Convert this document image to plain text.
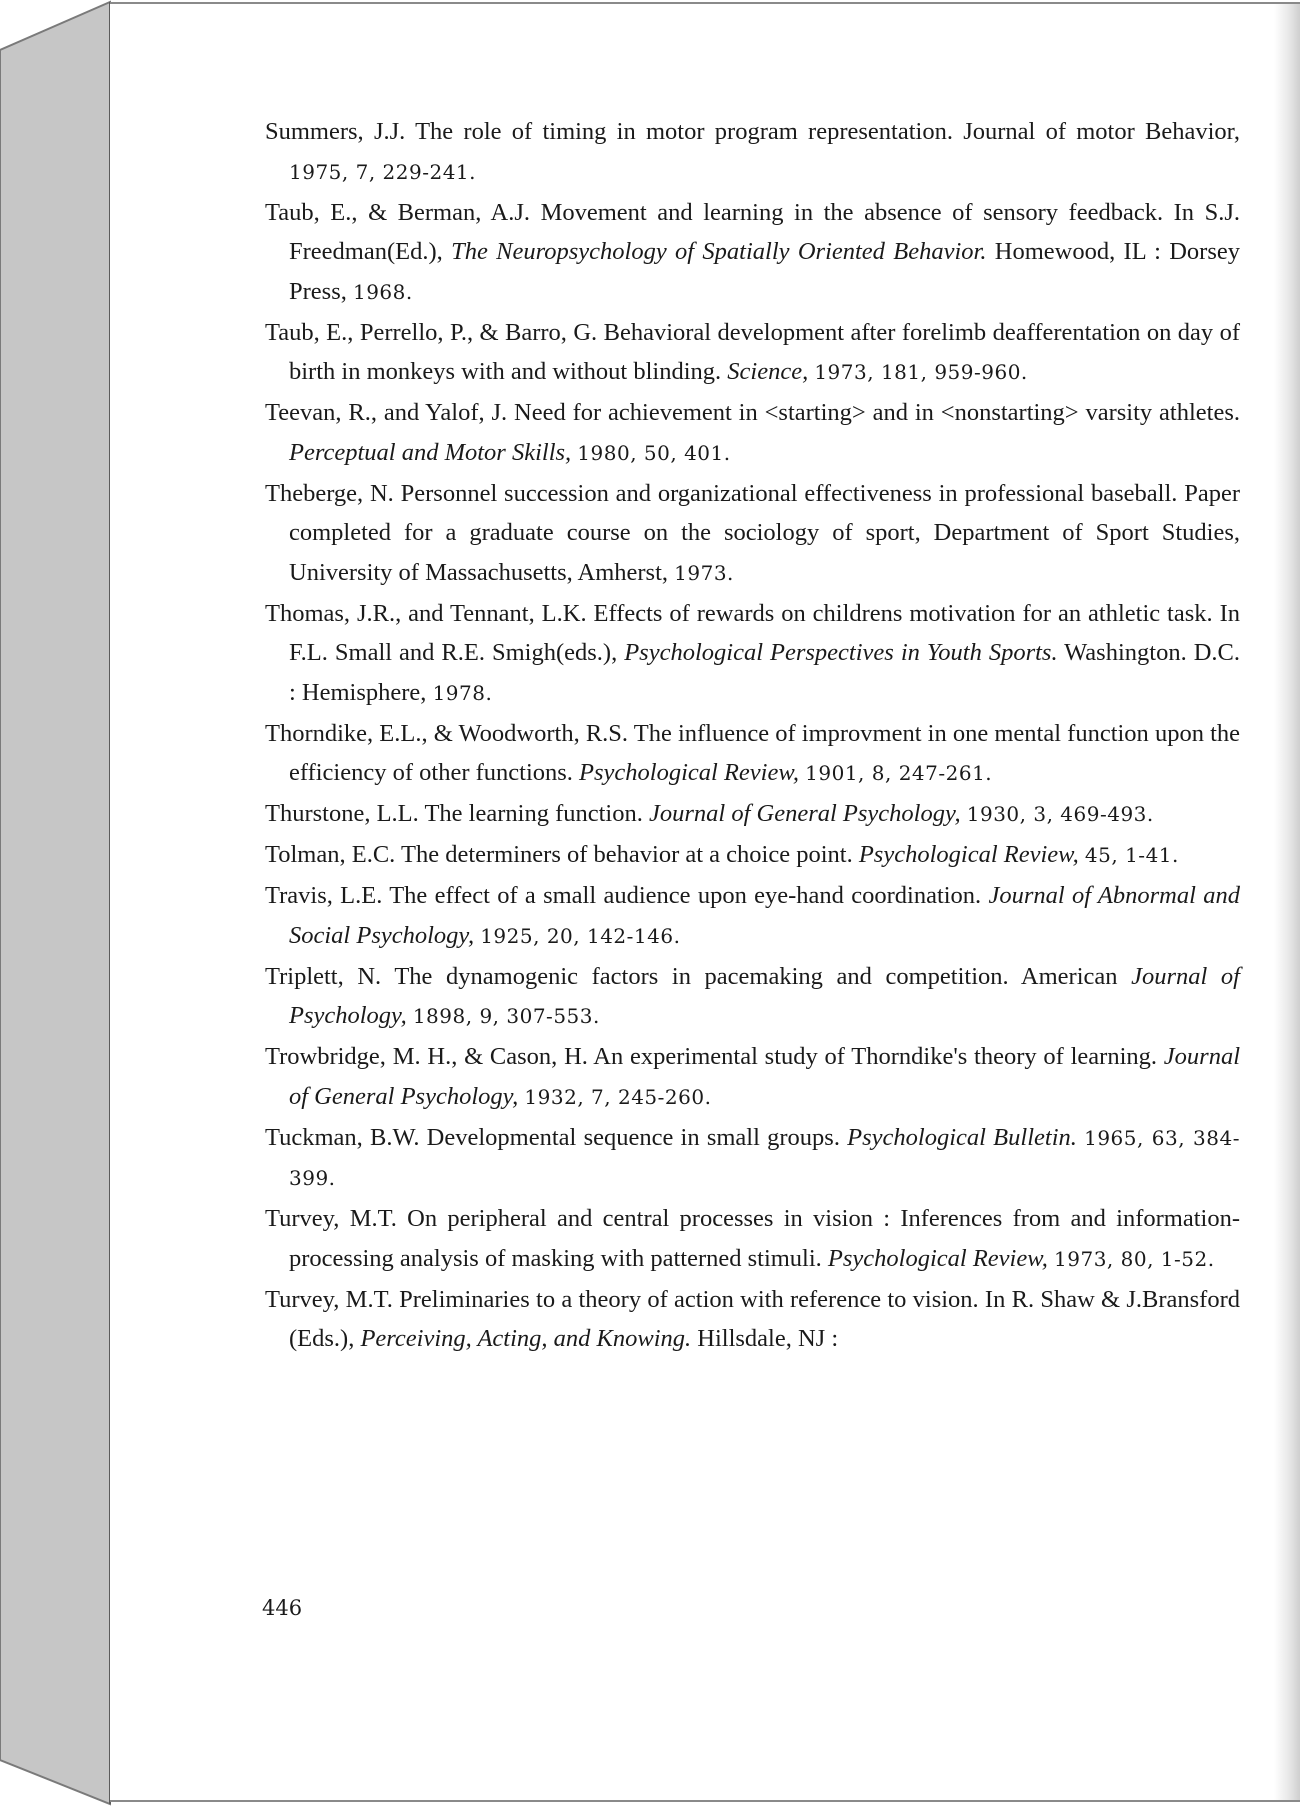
Summers, J.J. The role of timing in motor program representation. Journal of motor Behavior, 1975, 7, 229-241.
Taub, E., & Berman, A.J. Movement and learning in the absence of sensory feedback. In S.J. Freedman(Ed.), The Neuropsychology of Spatially Oriented Behavior. Homewood, IL : Dorsey Press, 1968.
Taub, E., Perrello, P., & Barro, G. Behavioral development after forelimb deafferentation on day of birth in monkeys with and without blinding. Science, 1973, 181, 959-960.
Teevan, R., and Yalof, J. Need for achievement in <starting> and in <nonstarting> varsity athletes. Perceptual and Motor Skills, 1980, 50, 401.
Theberge, N. Personnel succession and organizational effectiveness in professional baseball. Paper completed for a graduate course on the sociology of sport, Department of Sport Studies, University of Massachusetts, Amherst, 1973.
Thomas, J.R., and Tennant, L.K. Effects of rewards on childrens motivation for an athletic task. In F.L. Small and R.E. Smigh(eds.), Psychological Perspectives in Youth Sports. Washington. D.C. : Hemisphere, 1978.
Thorndike, E.L., & Woodworth, R.S. The influence of improvment in one mental function upon the efficiency of other functions. Psychological Review, 1901, 8, 247-261.
Thurstone, L.L. The learning function. Journal of General Psychology, 1930, 3, 469-493.
Tolman, E.C. The determiners of behavior at a choice point. Psychological Review, 45, 1-41.
Travis, L.E. The effect of a small audience upon eye-hand coordination. Journal of Abnormal and Social Psychology, 1925, 20, 142-146.
Triplett, N. The dynamogenic factors in pacemaking and competition. American Journal of Psychology, 1898, 9, 307-553.
Trowbridge, M. H., & Cason, H. An experimental study of Thorndike's theory of learning. Journal of General Psychology, 1932, 7, 245-260.
Tuckman, B.W. Developmental sequence in small groups. Psychological Bulletin. 1965, 63, 384-399.
Turvey, M.T. On peripheral and central processes in vision : Inferences from and information-processing analysis of masking with patterned stimuli. Psychological Review, 1973, 80, 1-52.
Turvey, M.T. Preliminaries to a theory of action with reference to vision. In R. Shaw & J.Bransford (Eds.), Perceiving, Acting, and Knowing. Hillsdale, NJ :
446
